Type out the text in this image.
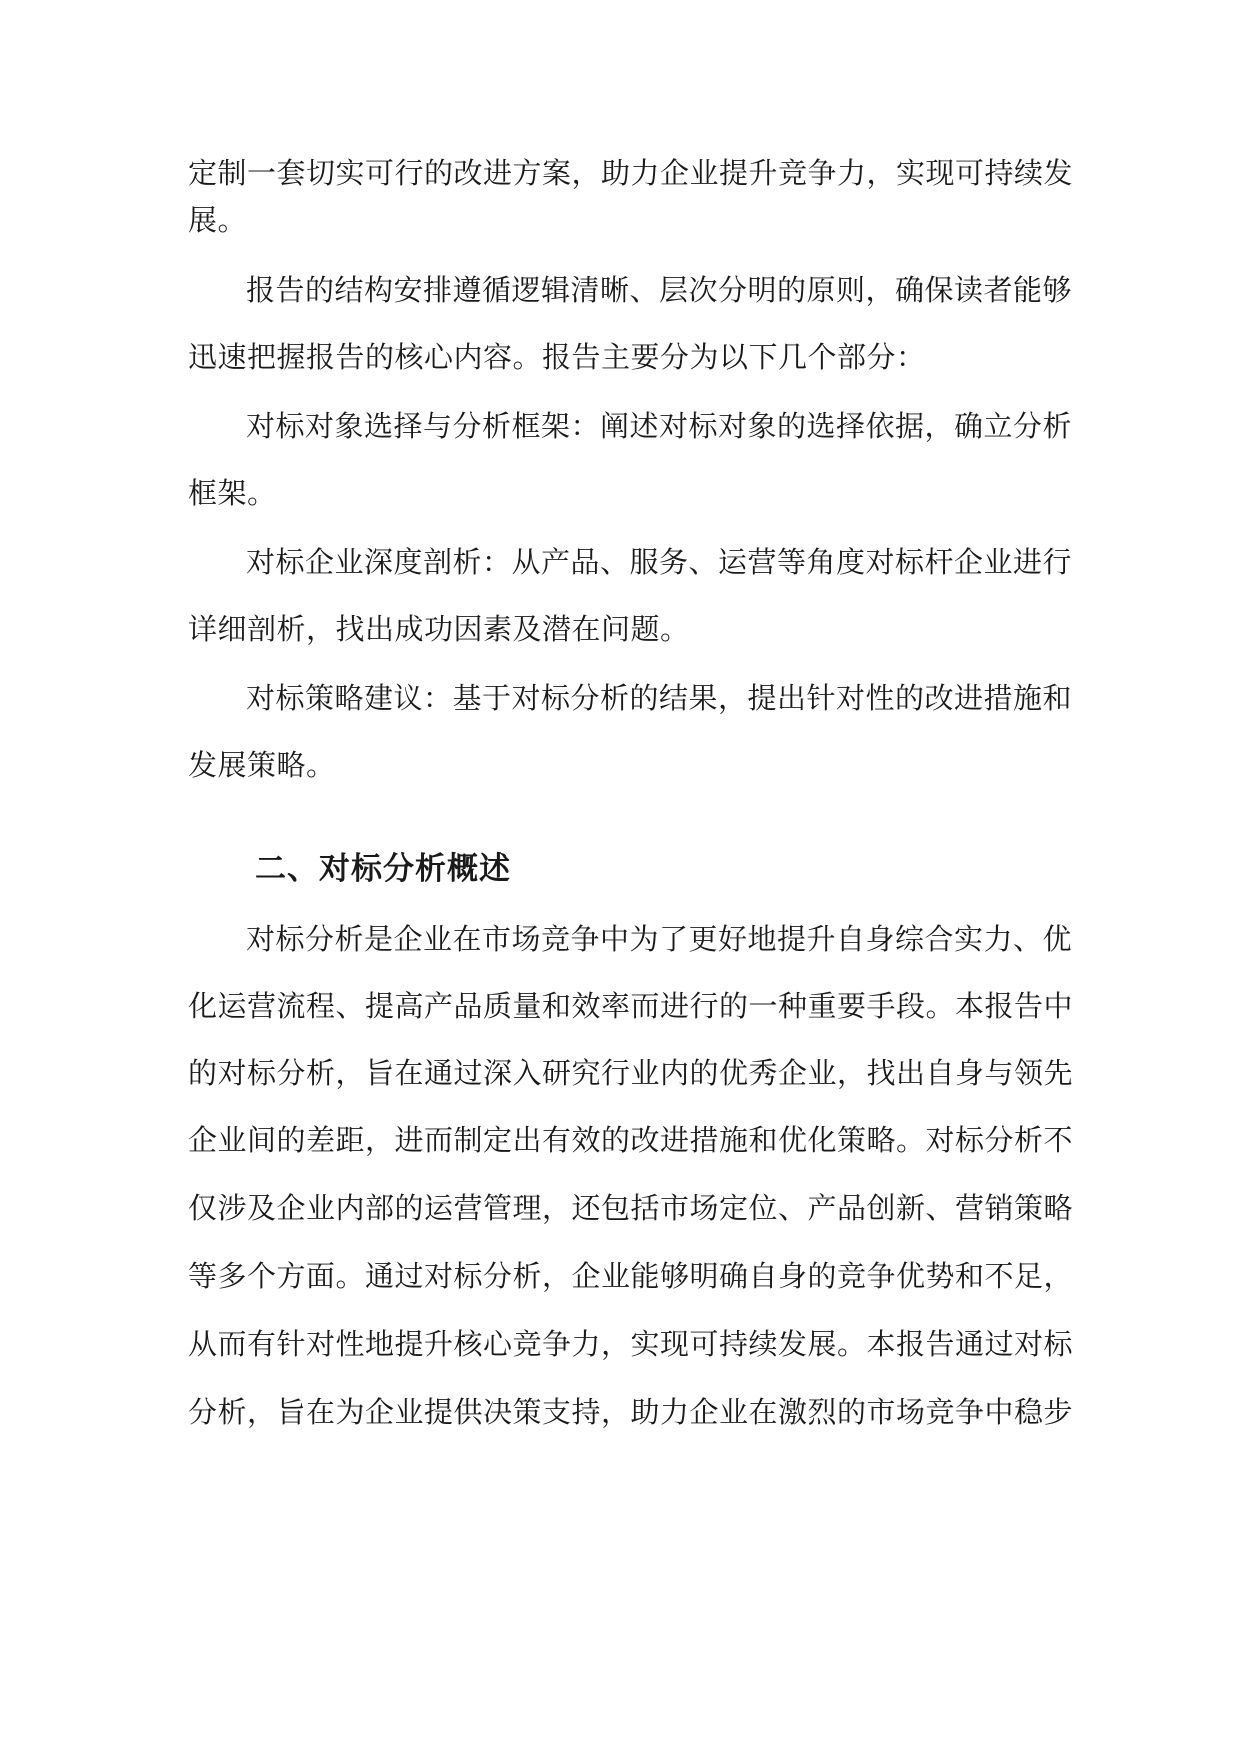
定制一套切实可行的改进方案，助力企业提升竞争力，实现可持续发
展。
报告的结构安排遵循逻辑清晰、层次分明的原则，确保读者能够
迅速把握报告的核心内容。报告主要分为以下几个部分：
对标对象选择与分析框架：阐述对标对象的选择依据，确立分析
框架。
对标企业深度剖析：从产品、服务、运营等角度对标杆企业进行
详细剖析，找出成功因素及潜在问题。
对标策略建议：基于对标分析的结果，提出针对性的改进措施和
发展策略。
二、对标分析概述
对标分析是企业在市场竞争中为了更好地提升自身综合实力、优
化运营流程、提高产品质量和效率而进行的一种重要手段。本报告中
的对标分析，旨在通过深入研究行业内的优秀企业，找出自身与领先
企业间的差距，进而制定出有效的改进措施和优化策略。对标分析不
仅涉及企业内部的运营管理，还包括市场定位、产品创新、营销策略
等多个方面。通过对标分析，企业能够明确自身的竞争优势和不足，
从而有针对性地提升核心竞争力，实现可持续发展。本报告通过对标
分析，旨在为企业提供决策支持，助力企业在激烈的市场竞争中稳步
